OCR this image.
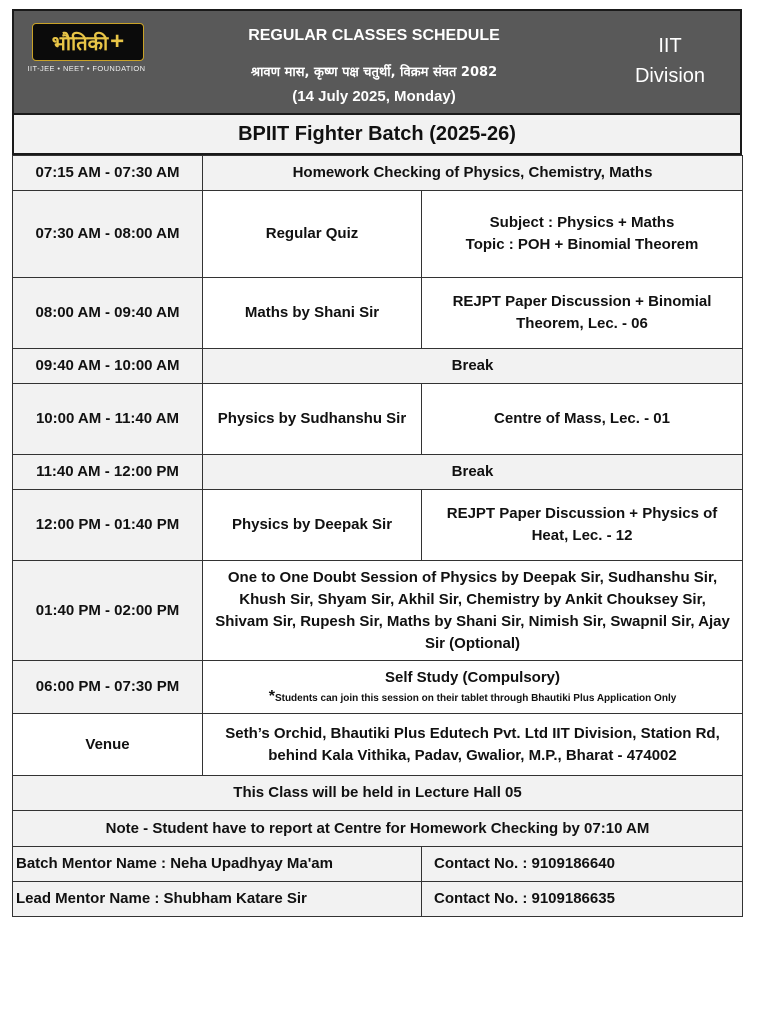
भौतिकी +
IIT-JEE • NEET • FOUNDATION
REGULAR CLASSES SCHEDULE
श्रावण मास, कृष्ण पक्ष चतुर्थी, विक्रम संवत 2082
(14 July 2025, Monday)
IIT
Division
BPIIT Fighter Batch (2025-26)
07:15 AM - 07:30 AM	Homework Checking of Physics, Chemistry, Maths	
07:30 AM - 08:00 AM	Regular Quiz	Subject : Physics + Maths
Topic : POH + Binomial Theorem

08:00 AM - 09:40 AM	Maths by Shani Sir	REJPT Paper Discussion + Binomial Theorem, Lec. - 06
09:40 AM - 10:00 AM	Break	
10:00 AM - 11:40 AM	Physics by Sudhanshu Sir	Centre of Mass, Lec. - 01
11:40 AM - 12:00 PM	Break	
12:00 PM - 01:40 PM	Physics by Deepak Sir	REJPT Paper Discussion + Physics of Heat, Lec. - 12
01:40 PM - 02:00 PM	One to One Doubt Session of Physics by Deepak Sir, Sudhanshu Sir, Khush Sir, Shyam Sir, Akhil Sir, Chemistry by Ankit Chouksey Sir, Shivam Sir, Rupesh Sir, Maths by Shani Sir, Nimish Sir, Swapnil Sir, Ajay Sir (Optional)	
06:00 PM - 07:30 PM	Self Study (Compulsory)
*Students can join this session on their tablet through Bhautiki Plus Application Only	

Venue	Seth’s Orchid, Bhautiki Plus Edutech Pvt. Ltd IIT Division, Station Rd, behind Kala Vithika, Padav, Gwalior, M.P., Bharat - 474002	
This Class will be held in Lecture Hall 05		
Note - Student have to report at Centre for Homework Checking by 07:10 AM		
Batch Mentor Name : Neha Upadhyay Ma'am		Contact No. : 9109186640
Lead Mentor Name : Shubham Katare Sir		Contact No. : 9109186635
